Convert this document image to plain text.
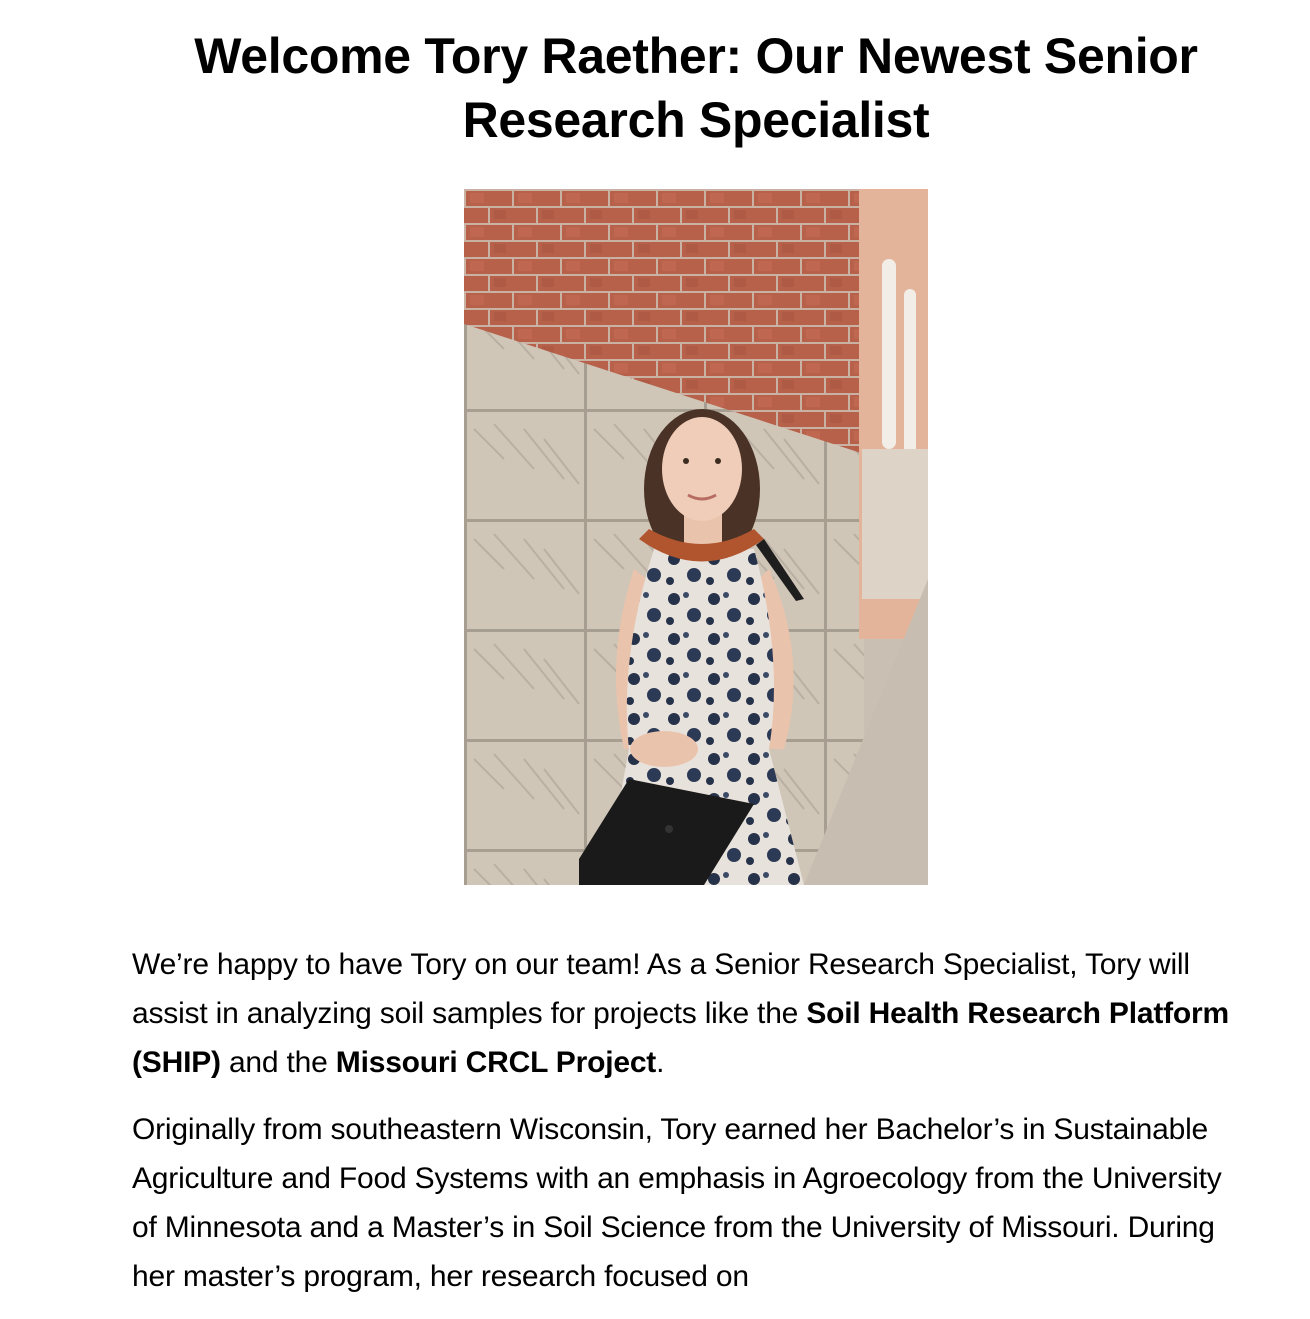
Welcome Tory Raether: Our Newest Senior Research Specialist

We’re happy to have Tory on our team! As a Senior Research Specialist, Tory will assist in analyzing soil samples for projects like the Soil Health Research Platform (SHIP) and the Missouri CRCL Project.

Originally from southeastern Wisconsin, Tory earned her Bachelor’s in Sustainable Agriculture and Food Systems with an emphasis in Agroecology from the University of Minnesota and a Master’s in Soil Science from the University of Missouri. During her master’s program, her research focused on
